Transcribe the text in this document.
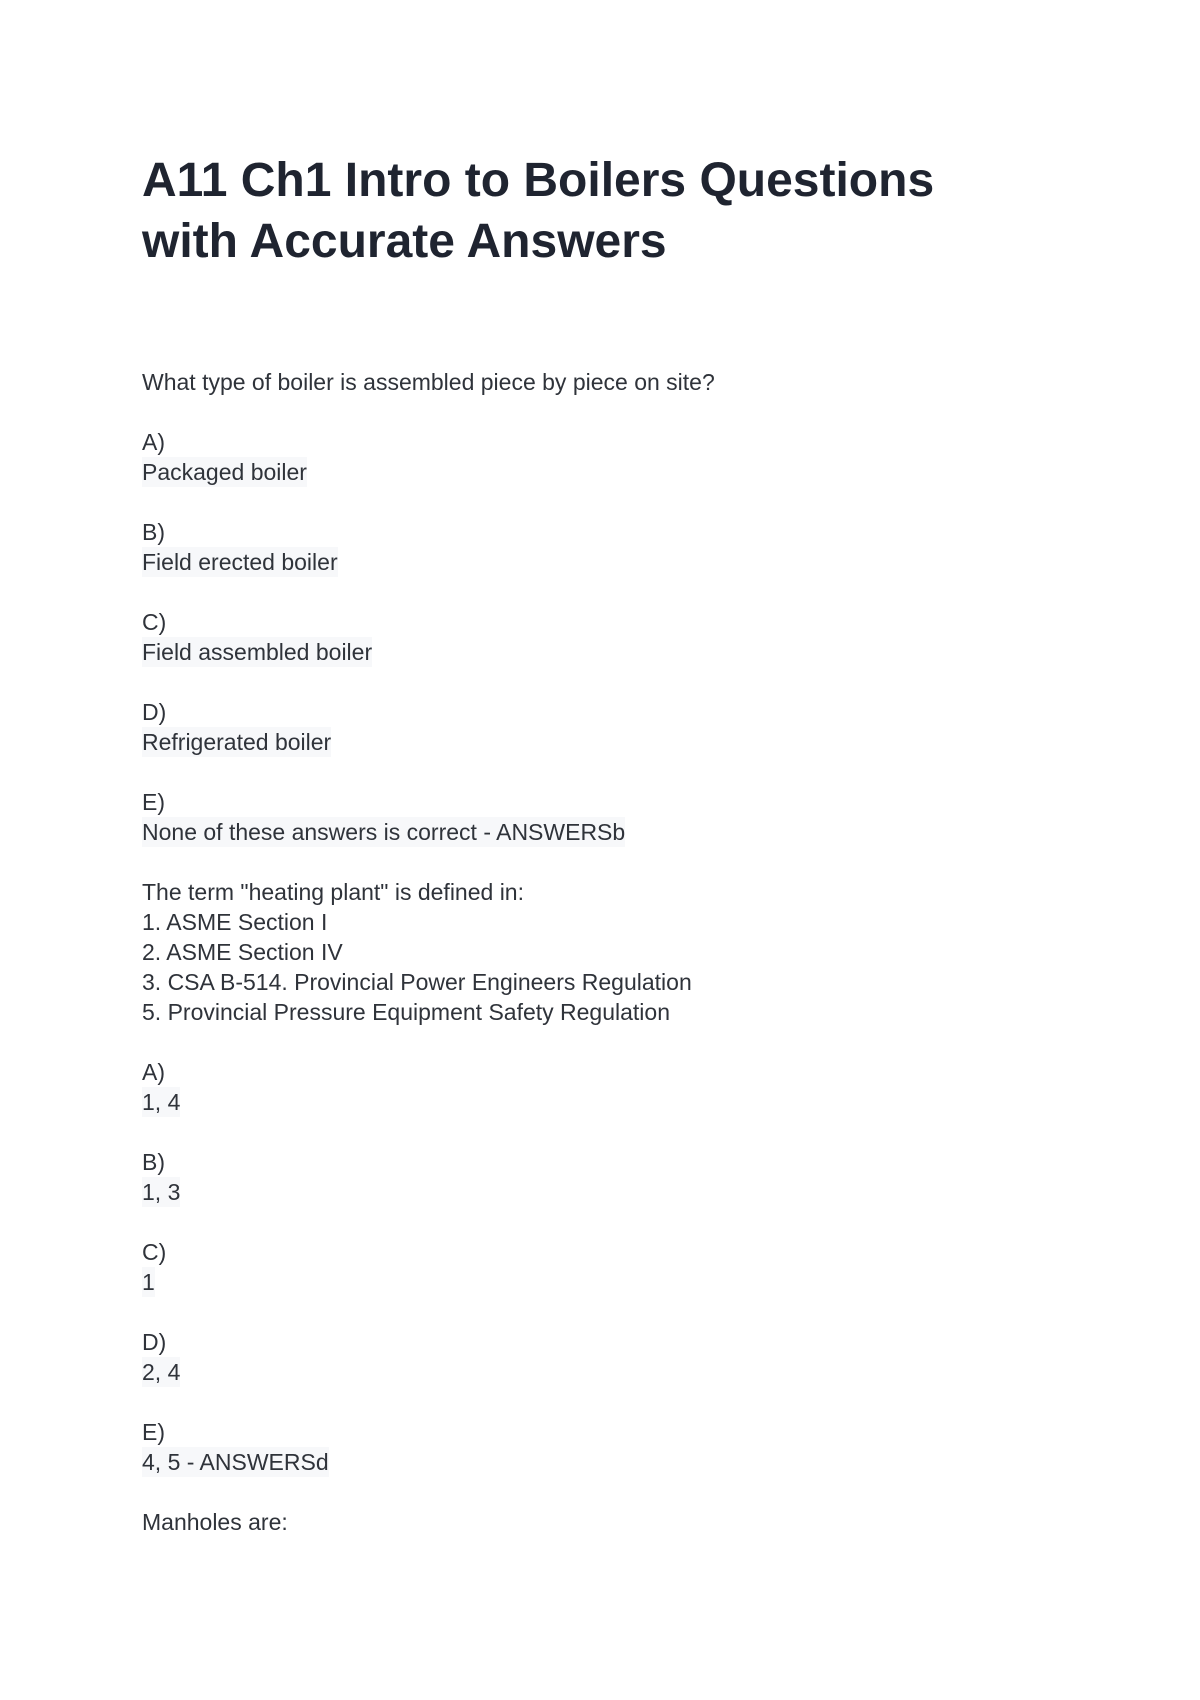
A11 Ch1 Intro to Boilers Questions with Accurate Answers
What type of boiler is assembled piece by piece on site?
A)
Packaged boiler
B)
Field erected boiler
C)
Field assembled boiler
D)
Refrigerated boiler
E)
None of these answers is correct - ANSWERSb
The term "heating plant" is defined in:
1. ASME Section I
2. ASME Section IV
3. CSA B-514. Provincial Power Engineers Regulation
5. Provincial Pressure Equipment Safety Regulation
A)
1, 4
B)
1, 3
C)
1
D)
2, 4
E)
4, 5 - ANSWERSd
Manholes are:
